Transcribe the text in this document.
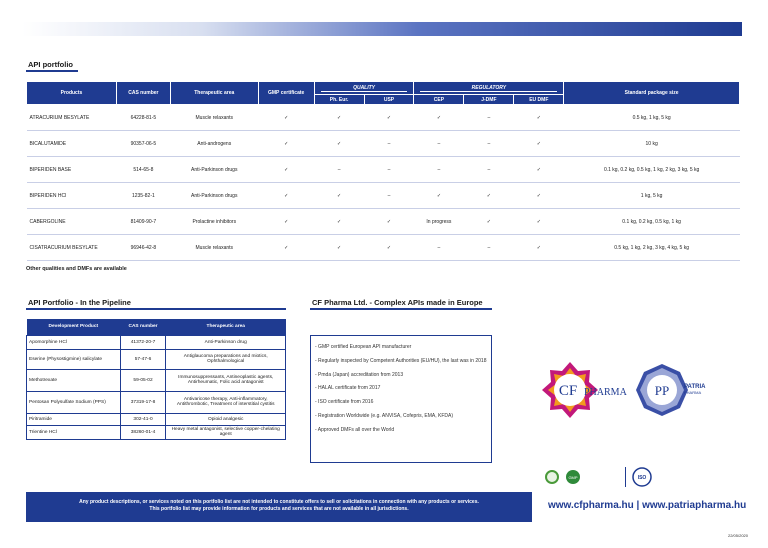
API portfolio
Products	CAS number	Therapeutic area	GMP certificate	QUALITY		REGULATORY			Standard package size
				Ph. Eur.	USP	CEP	J-DMF	EU DMF	
ATRACURIUM BESYLATE	64228-81-5	Muscle relaxants	✓	✓	✓	✓	–	✓	0.5 kg, 1 kg, 5 kg
BICALUTAMIDE	90357-06-5	Anti-androgens	✓	✓	–	–	–	✓	10 kg
BIPERIDEN BASE	514-65-8	Anti-Parkinson drugs	✓	–	–	–	–	✓	0.1 kg, 0.2 kg, 0.5 kg, 1 kg, 2 kg, 3 kg, 5 kg
BIPERIDEN HCl	1235-82-1	Anti-Parkinson drugs	✓	✓	–	✓	✓	✓	1 kg, 5 kg
CABERGOLINE	81409-90-7	Prolactine inhibitors	✓	✓	✓	In progress	✓	✓	0.1 kg, 0.2 kg, 0.5 kg, 1 kg
CISATRACURIUM BESYLATE	96946-42-8	Muscle relaxants	✓	✓	✓	–	–	✓	0.5 kg, 1 kg, 2 kg, 3 kg, 4 kg, 5 kg
Other qualities and DMFs are available
API Portfolio - In the Pipeline
Development Product	CAS number	Therapeutic area
Apomorphine HCl	41372-20-7	Anti-Parkinson drug
Eserine (Physostigmine) salicylate	57-47-6	Antiglaucoma preparations and miotics, Ophthalmological
Methotrexate	59-05-02	Immunosuppressants, Antineoplastic agents, Antirheumatic, Folic acid antagonist
Pentosan Polysulfate Sodium (PPS)	37319-17-8	Antivaricose therapy, Anti-inflammatory, Antithrombotic, Treatment of interstitial cystitis
Piritramide	302-41-0	Opioid analgesic
Trientine HCl	38260-01-4	Heavy metal antagonist, selective copper-chelating agent
CF Pharma Ltd. - Complex APIs made in Europe
- GMP certified European API manufacturer
- Regularly inspected by Competent Authorities (EU/HU), the last was in 2018
- Pmda (Japan) accreditation from 2013
- HALAL certificate from 2017
- ISO certificate from 2016
- Registration Worldwide (e.g. ANVISA, Cofepris, EMA, KFDA)
- Approved DMFs all over the World
CF PHARMA PP PATRIA
PHARMA
GMP	ISO
Any product descriptions, or services noted on this portfolio list are not intended to constitute offers to sell or solicitations in connection with any products or services.
This portfolio list may provide information for products and services that are not available in all jurisdictions.	www.cfpharma.hu | www.patriapharma.hu
22/05/2020
